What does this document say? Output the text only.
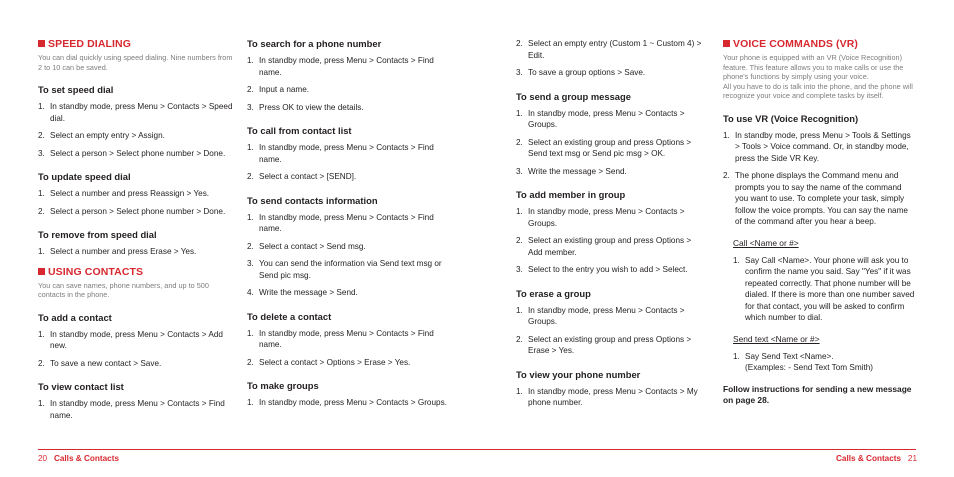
SPEED DIALING
You can dial quickly using speed dialing. Nine numbers from 2 to 10 can be saved.
To set speed dial
1. In standby mode, press Menu > Contacts > Speed dial.
2. Select an empty entry > Assign.
3. Select a person > Select phone number > Done.
To update speed dial
1. Select a number and press Reassign > Yes.
2. Select a person > Select phone number > Done.
To remove from speed dial
1. Select a number and press Erase > Yes.
USING CONTACTS
You can save names, phone numbers, and up to 500 contacts in the phone.
To add a contact
1. In standby mode, press Menu > Contacts > Add new.
2. To save a new contact > Save.
To view contact list
1. In standby mode, press Menu > Contacts > Find name.
To search for a phone number
1. In standby mode, press Menu > Contacts > Find name.
2. Input a name.
3. Press OK to view the details.
To call from contact list
1. In standby mode, press Menu > Contacts > Find name.
2. Select a contact > [SEND].
To send contacts information
1. In standby mode, press Menu > Contacts > Find name.
2. Select a contact > Send msg.
3. You can send the information via Send text msg or Send pic msg.
4. Write the message > Send.
To delete a contact
1. In standby mode, press Menu > Contacts > Find name.
2. Select a contact > Options > Erase > Yes.
To make groups
1. In standby mode, press Menu > Contacts > Groups.
2. Select an empty entry (Custom 1 ~ Custom 4) > Edit.
3. To save a group options > Save.
To send a group message
1. In standby mode, press Menu > Contacts > Groups.
2. Select an existing group and press Options > Send text msg or Send pic msg > OK.
3. Write the message > Send.
To add member in group
1. In standby mode, press Menu > Contacts > Groups.
2. Select an existing group and press Options > Add member.
3. Select to the entry you wish to add > Select.
To erase a group
1. In standby mode, press Menu > Contacts > Groups.
2. Select an existing group and press Options > Erase > Yes.
To view your phone number
1. In standby mode, press Menu > Contacts > My phone number.
VOICE COMMANDS (VR)
Your phone is equipped with an VR (Voice Recognition) feature. This feature allows you to make calls or use the phone's functions by simply using your voice.
All you have to do is talk into the phone, and the phone will recognize your voice and complete tasks by itself.
To use VR (Voice Recognition)
1. In standby mode, press Menu > Tools & Settings > Tools > Voice command. Or, in standby mode, press the Side VR Key.
2. The phone displays the Command menu and prompts you to say the name of the command you want to use. To complete your task, simply follow the voice prompts. You can say the name of the command after you hear a beep.
Call <Name or #>
1. Say Call <Name>. Your phone will ask you to confirm the name you said. Say "Yes" if it was repeated correctly. That phone number will be dialed. If there is more than one number saved for that contact, you will be asked to confirm which number to dial.
Send text <Name or #>
1. Say Send Text <Name>.
(Examples: - Send Text Tom Smith)
Follow instructions for sending a new message on page 28.
20 Calls & Contacts	Calls & Contacts 21
